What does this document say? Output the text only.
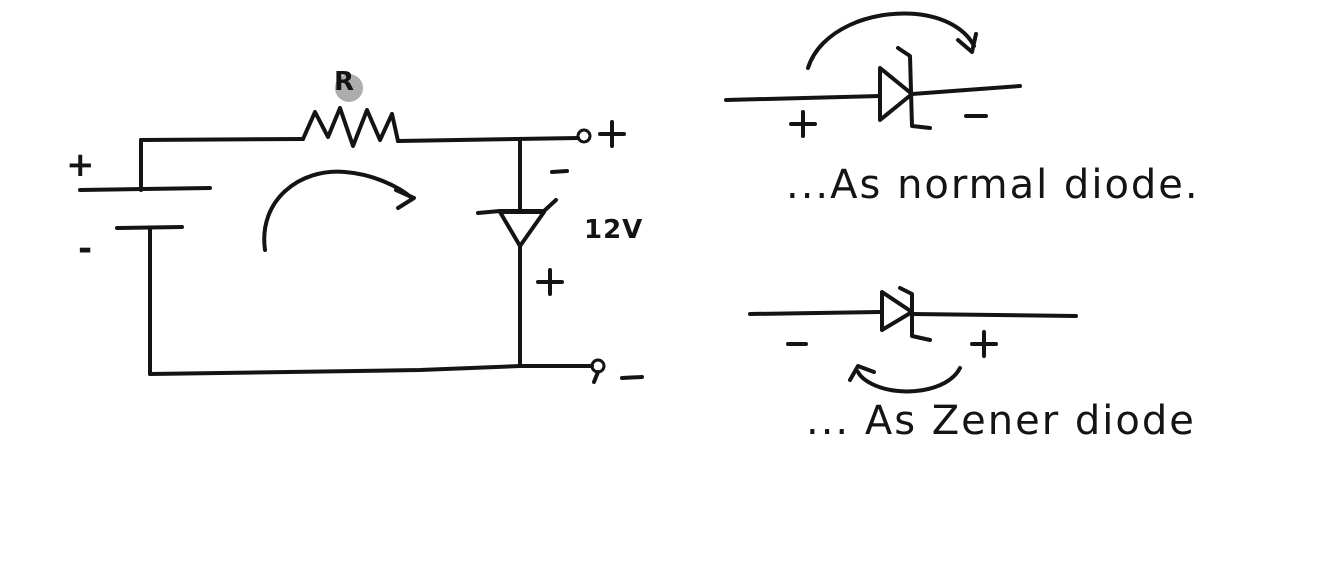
+
-
R
12V
...As normal diode.
... As Zener diode
